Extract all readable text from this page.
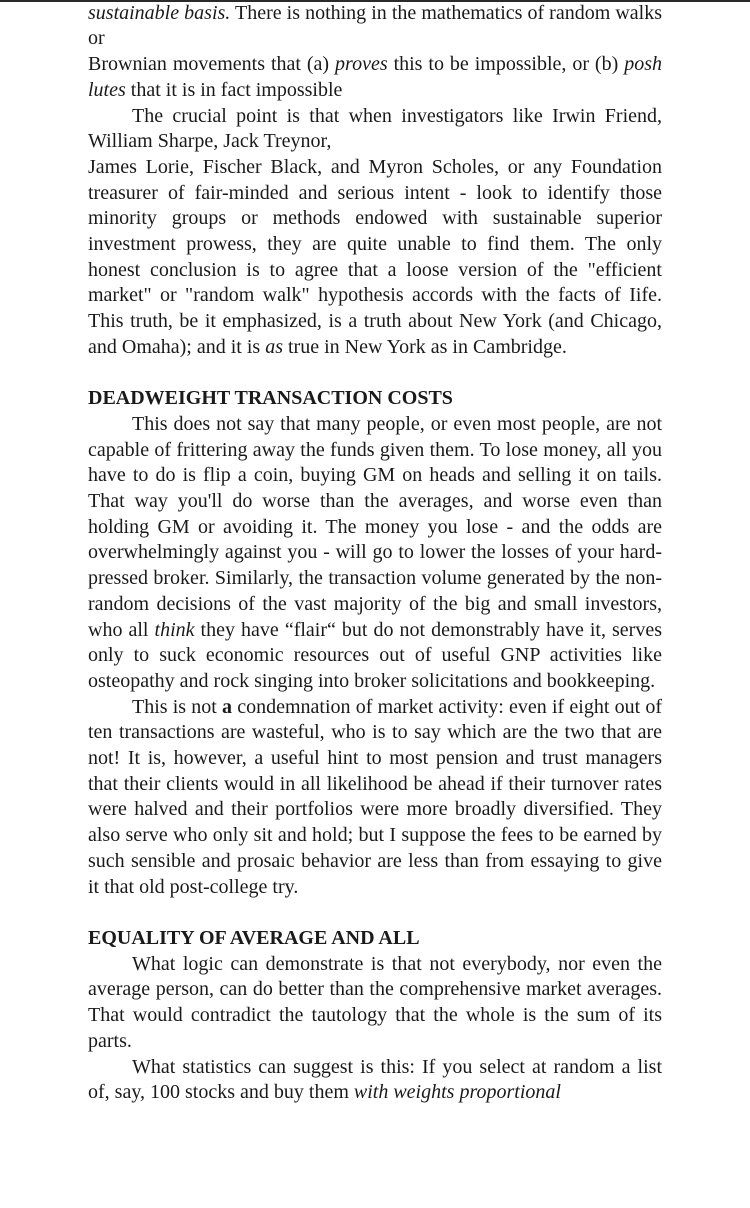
sustainable basis. There is nothing in the mathematics of random walks or

Brownian movements that (a) proves this to be impossible, or (b) posh lutes that it is in fact impossible

The crucial point is that when investigators like Irwin Friend, William Sharpe, Jack Treynor,

James Lorie, Fischer Black, and Myron Scholes, or any Foundation treasurer of fair-minded and serious intent - look to identify those minority groups or methods endowed with sustainable superior investment prowess, they are quite unable to find them. The only honest conclusion is to agree that a loose version of the "efficient market" or "random walk" hypothesis accords with the facts of Iife. This truth, be it emphasized, is a truth about New York (and Chicago, and Omaha); and it is as true in New York as in Cambridge.

DEADWEIGHT TRANSACTION COSTS

This does not say that many people, or even most people, are not capable of frittering away the funds given them. To lose money, all you have to do is flip a coin, buying GM on heads and selling it on tails. That way you'll do worse than the averages, and worse even than holding GM or avoiding it. The money you lose - and the odds are overwhelmingly against you - will go to lower the losses of your hard-pressed broker. Similarly, the transaction volume generated by the non-random decisions of the vast majority of the big and small investors, who all think they have “flair“ but do not demonstrably have it, serves only to suck economic resources out of useful GNP activities like osteopathy and rock singing into broker solicitations and bookkeeping.

This is not a condemnation of market activity: even if eight out of ten transactions are wasteful, who is to say which are the two that are not! It is, however, a useful hint to most pension and trust managers that their clients would in all likelihood be ahead if their turnover rates were halved and their portfolios were more broadly diversified. They also serve who only sit and hold; but I suppose the fees to be earned by such sensible and prosaic behavior are less than from essaying to give it that old post-college try.

EQUALITY OF AVERAGE AND ALL

What logic can demonstrate is that not everybody, nor even the average person, can do better than the comprehensive market averages. That would contradict the tautology that the whole is the sum of its parts.

What statistics can suggest is this: If you select at random a list of, say, 100 stocks and buy them with weights proportional
